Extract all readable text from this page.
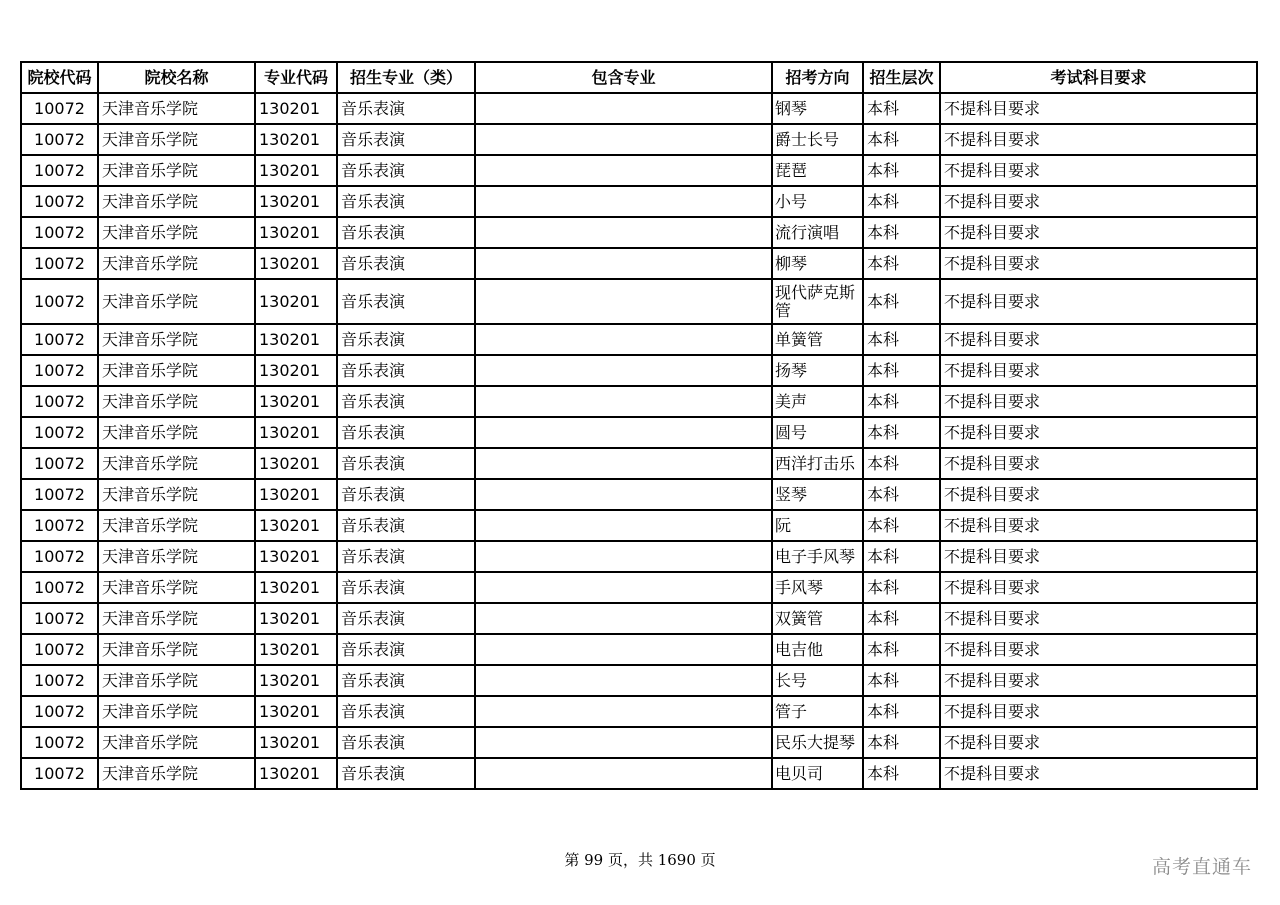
院校代码	院校名称	专业代码	招生专业（类）	包含专业	招考方向	招生层次	考试科目要求
10072	天津音乐学院	130201	音乐表演		钢琴	本科	不提科目要求
10072	天津音乐学院	130201	音乐表演		爵士长号	本科	不提科目要求
10072	天津音乐学院	130201	音乐表演		琵琶	本科	不提科目要求
10072	天津音乐学院	130201	音乐表演		小号	本科	不提科目要求
10072	天津音乐学院	130201	音乐表演		流行演唱	本科	不提科目要求
10072	天津音乐学院	130201	音乐表演		柳琴	本科	不提科目要求
10072	天津音乐学院	130201	音乐表演		现代萨克斯管	本科	不提科目要求
10072	天津音乐学院	130201	音乐表演		单簧管	本科	不提科目要求
10072	天津音乐学院	130201	音乐表演		扬琴	本科	不提科目要求
10072	天津音乐学院	130201	音乐表演		美声	本科	不提科目要求
10072	天津音乐学院	130201	音乐表演		圆号	本科	不提科目要求
10072	天津音乐学院	130201	音乐表演		西洋打击乐	本科	不提科目要求
10072	天津音乐学院	130201	音乐表演		竖琴	本科	不提科目要求
10072	天津音乐学院	130201	音乐表演		阮	本科	不提科目要求
10072	天津音乐学院	130201	音乐表演		电子手风琴	本科	不提科目要求
10072	天津音乐学院	130201	音乐表演		手风琴	本科	不提科目要求
10072	天津音乐学院	130201	音乐表演		双簧管	本科	不提科目要求
10072	天津音乐学院	130201	音乐表演		电吉他	本科	不提科目要求
10072	天津音乐学院	130201	音乐表演		长号	本科	不提科目要求
10072	天津音乐学院	130201	音乐表演		管子	本科	不提科目要求
10072	天津音乐学院	130201	音乐表演		民乐大提琴	本科	不提科目要求
10072	天津音乐学院	130201	音乐表演		电贝司	本科	不提科目要求
第 99 页，共 1690 页	高考直通车
